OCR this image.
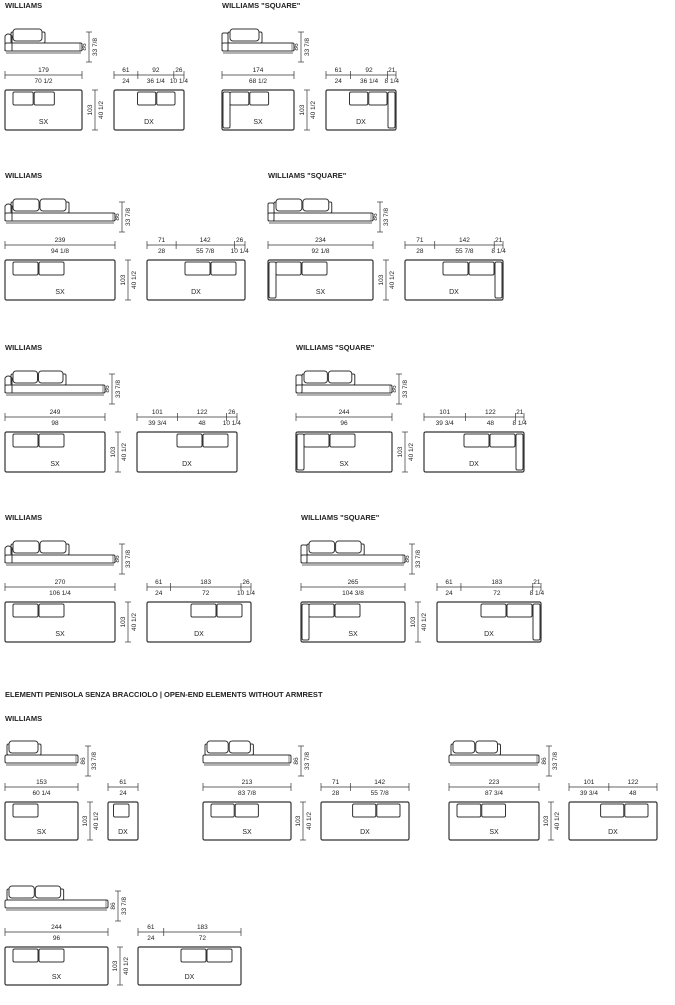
WILLIAMS
86 33 7/8
179
70 1/2
61
24
92
36 1/4
26
10 1/4
SX
103 40 1/2
DX
WILLIAMS "SQUARE"
86 33 7/8
174
68 1/2
61
24
92
36 1/4
21
8 1/4
SX
103 40 1/2
DX
WILLIAMS
86 33 7/8
239
94 1/8
71
28
142
55 7/8
26
10 1/4
SX
103 40 1/2
DX
WILLIAMS "SQUARE"
86 33 7/8
234
92 1/8
71
28
142
55 7/8
21
8 1/4
SX
103 40 1/2
DX
WILLIAMS
86 33 7/8
249
98
101
39 3/4
122
48
26
10 1/4
SX
103 40 1/2
DX
WILLIAMS "SQUARE"
86 33 7/8
244
96
101
39 3/4
122
48
21
8 1/4
SX
103 40 1/2
DX
WILLIAMS
86 33 7/8
270
106 1/4
61
24
183
72
26
10 1/4
SX
103 40 1/2
DX
WILLIAMS "SQUARE"
86 33 7/8
265
104 3/8
61
24
183
72
21
8 1/4
SX
103 40 1/2
DX
ELEMENTI PENISOLA SENZA BRACCIOLO | OPEN-END ELEMENTS WITHOUT ARMREST
WILLIAMS
86 33 7/8
153
60 1/4
61
24
SX
103 40 1/2
DX
86 33 7/8
213
83 7/8
71
28
142
55 7/8
SX
103 40 1/2
DX
86 33 7/8
223
87 3/4
101
39 3/4
122
48
SX
103 40 1/2
DX
86 33 7/8
244
96
61
24
183
72
SX
103 40 1/2
DX
